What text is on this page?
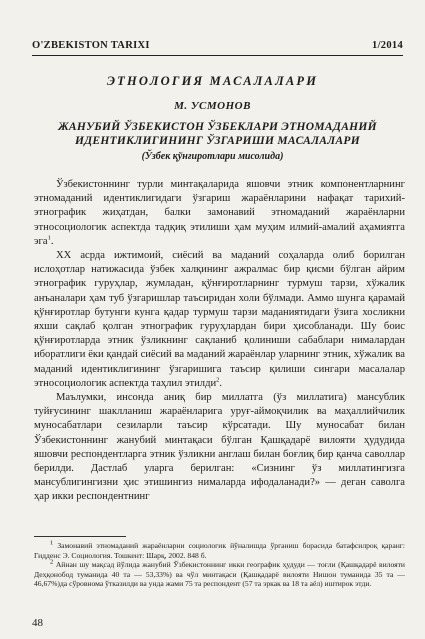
O'ZBEKISTON TARIXI	1/2014
ЭТНОЛОГИЯ МАСАЛАЛАРИ
М. УСМОНОВ
ЖАНУБИЙ ЎЗБЕКИСТОН ЎЗБЕКЛАРИ ЭТНОМАДАНИЙ ИДЕНТИКЛИГИНИНГ ЎЗГАРИШИ МАСАЛАЛАРИ
(Ўзбек қўнғиротлари мисолида)

Ўзбекистоннинг турли минтақаларида яшовчи этник компонентларнинг этномаданий идентиклигидаги ўзгариш жараёнларини нафақат тарихий-этнографик жиҳатдан, балки замонавий этномаданий жараёнларни этносоциологик аспектда тадқиқ этилиши ҳам муҳим илмий-амалий аҳамиятга эга$^1$.

XX асрда ижтимоий, сиёсий ва маданий соҳаларда олиб борилган ислоҳотлар натижасида ўзбек халқининг ажралмас бир қисми бўлган айрим этнографик гуруҳлар, жумладан, қўнғиротларнинг турмуш тарзи, хўжалик анъаналари ҳам туб ўзгаришлар таъсиридан холи бўлмади. Аммо шунга қарамай қўнғиротлар бутунги кунга қадар турмуш тарзи маданиятидаги ўзига хосликни яхши сақлаб қолган этнографик гуруҳлардан бири ҳисобланади. Шу боис қўнғиротларда этник ўзликнинг сақланиб қолиниши сабаблари нималардан иборатлиги ёки қандай сиёсий ва маданий жараёнлар уларнинг этник, хўжалик ва маданий идентиклигининг ўзгаришига таъсир қилиши сингари масалалар этносоциологик аспектда таҳлил этилди$^2$.

Маълумки, инсонда аниқ бир миллатга (ўз миллатига) мансублик туйғусининг шаклланиш жараёнларига уруғ-аймоқчилик ва маҳаллийчилик муносабатлари сезиларли таъсир кўрсатади. Шу муносабат билан Ўзбекистоннинг жанубий минтақаси бўлган Қашқадарё вилояти ҳудудида яшовчи респондентларга этник ўзликни англаш билан боғлиқ бир қанча саволлар берилди. Дастлаб уларга берилган: «Сизнинг ўз миллатингизга мансублигингизни ҳис этишингиз нималарда ифодаланади?» — деган саволга ҳар икки респондентнинг

$^1$ Замонавий этномаданий жараёнларни социологик йўналишда ўрганиш бораcида батафсилроқ қаранг: Гидденс Э. Социология. Тошкент: Шарқ, 2002. 848 б.

$^2$ Айнан шу мақсад йўлида жанубий Ўзбекистоннинг икки географик ҳудуди — тоғли (Қашқадарё вилояти Деҳқонобод туманида 40 та — 53,33%) ва чўл минтақаси (Қашқадарё вилояти Нишон туманида 35 та — 46,67%)да сўровнома ўтказилди ва унда жами 75 та респондент (57 та эркак ва 18 та аёл) иштирок этди.

48
